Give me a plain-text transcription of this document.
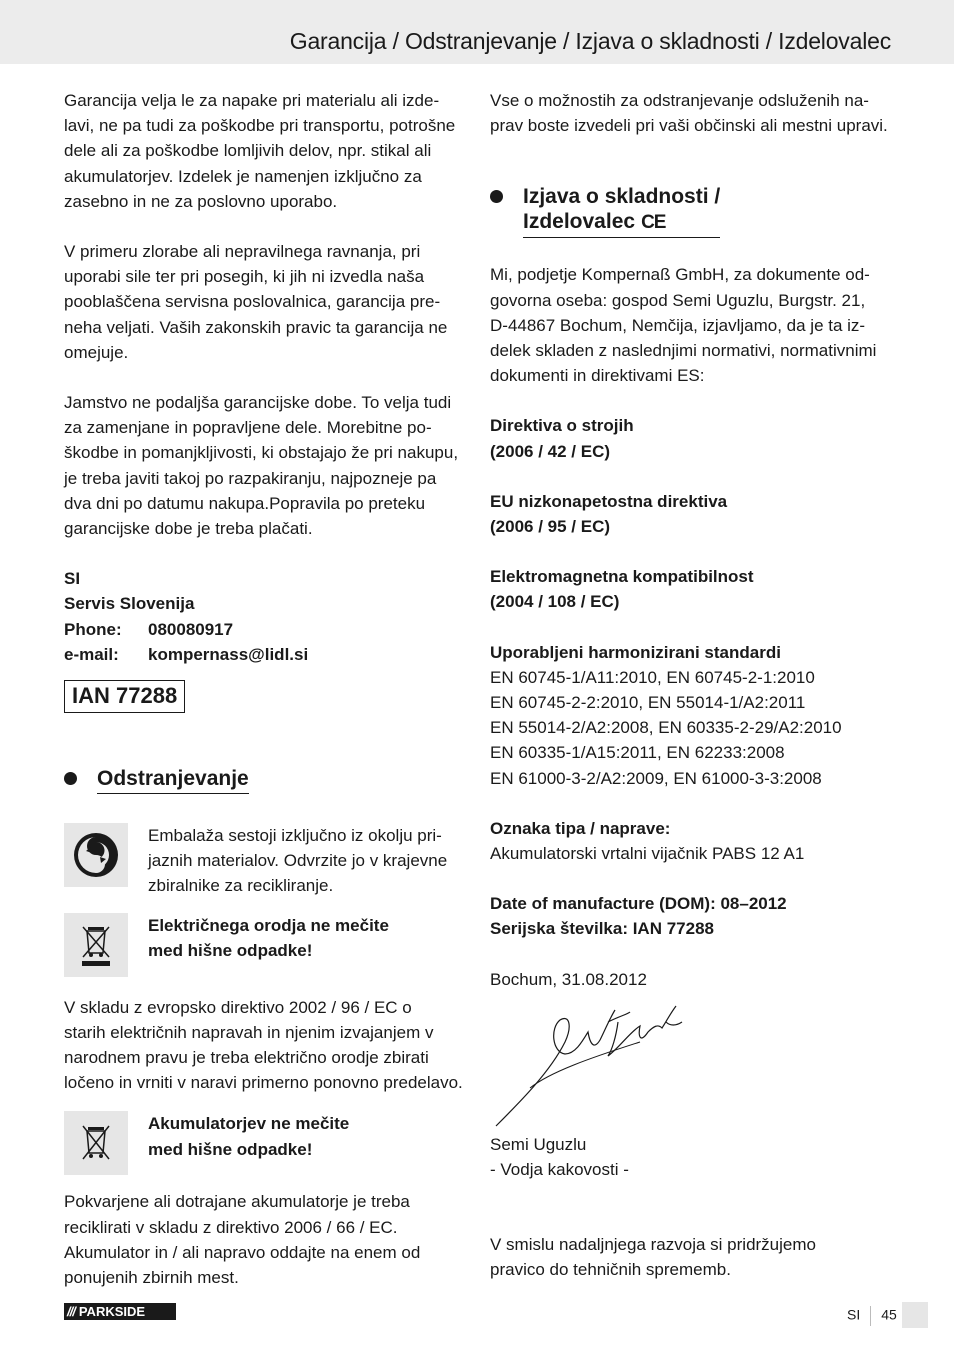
Garancija / Odstranjevanje / Izjava o skladnosti / Izdelovalec

Garancija velja le za napake pri materialu ali izde-
lavi, ne pa tudi za poškodbe pri transportu, potrošne
dele ali za poškodbe lomljivih delov, npr. stikal ali
akumulatorjev. Izdelek je namenjen izključno za
zasebno in ne za poslovno uporabo.

V primeru zlorabe ali nepravilnega ravnanja, pri
uporabi sile ter pri posegih, ki jih ni izvedla naša
pooblaščena servisna poslovalnica, garancija pre-
neha veljati. Vaših zakonskih pravic ta garancija ne
omejuje.

Jamstvo ne podaljša garancijske dobe. To velja tudi
za zamenjane in popravljene dele. Morebitne po-
škodbe in pomanjkljivosti, ki obstajajo že pri nakupu,
je treba javiti takoj po razpakiranju, najpozneje pa
dva dni po datumu nakupa.Popravila po preteku
garancijske dobe je treba plačati.

SI

Servis Slovenija

Phone:	080080917

e-mail:	kompernass@lidl.si

IAN 77288
Odstranjevanje

Embalaža sestoji izključno iz okolju pri-
jaznih materialov. Odvrzite jo v krajevne
zbiralnike za recikliranje.

Električnega orodja ne mečite
med hišne odpadke!

V skladu z evropsko direktivo 2002 / 96 / EC o
starih električnih napravah in njenim izvajanjem v
narodnem pravu je treba električno orodje zbirati
ločeno in vrniti v naravi primerno ponovno predelavo.

Akumulatorjev ne mečite
med hišne odpadke!

Pokvarjene ali dotrajane akumulatorje je treba
reciklirati v skladu z direktivo 2006 / 66 / EC.
Akumulator in / ali napravo oddajte na enem od
ponujenih zbirnih mest.

Vse o možnostih za odstranjevanje odsluženih na-
prav boste izvedeli pri vaši občinski ali mestni upravi.

Izjava o skladnosti /
Izdelovalec CE

Mi, podjetje Kompernaß GmbH, za dokumente od-
govorna oseba: gospod Semi Uguzlu, Burgstr. 21,
D-44867 Bochum, Nemčija, izjavljamo, da je ta iz-
delek skladen z naslednjimi normativi, normativnimi
dokumenti in direktivami ES:

Direktiva o strojih
(2006 / 42 / EC)

EU nizkonapetostna direktiva
(2006 / 95 / EC)

Elektromagnetna kompatibilnost
(2004 / 108 / EC)

Uporabljeni harmonizirani standardi

EN 60745-1/A11:2010, EN 60745-2-1:2010
EN 60745-2-2:2010, EN 55014-1/A2:2011
EN 55014-2/A2:2008, EN 60335-2-29/A2:2010
EN 60335-1/A15:2011, EN 62233:2008
EN 61000-3-2/A2:2009, EN 61000-3-3:2008

Oznaka tipa / naprave:

Akumulatorski vrtalni vijačnik PABS 12 A1

Date of manufacture (DOM): 08–2012

Serijska številka: IAN 77288

Bochum, 31.08.2012

Semi Uguzlu

- Vodja kakovosti -

V smislu nadaljnjega razvoja si pridržujemo
pravico do tehničnih sprememb.

/// PARKSIDE	SI 45
